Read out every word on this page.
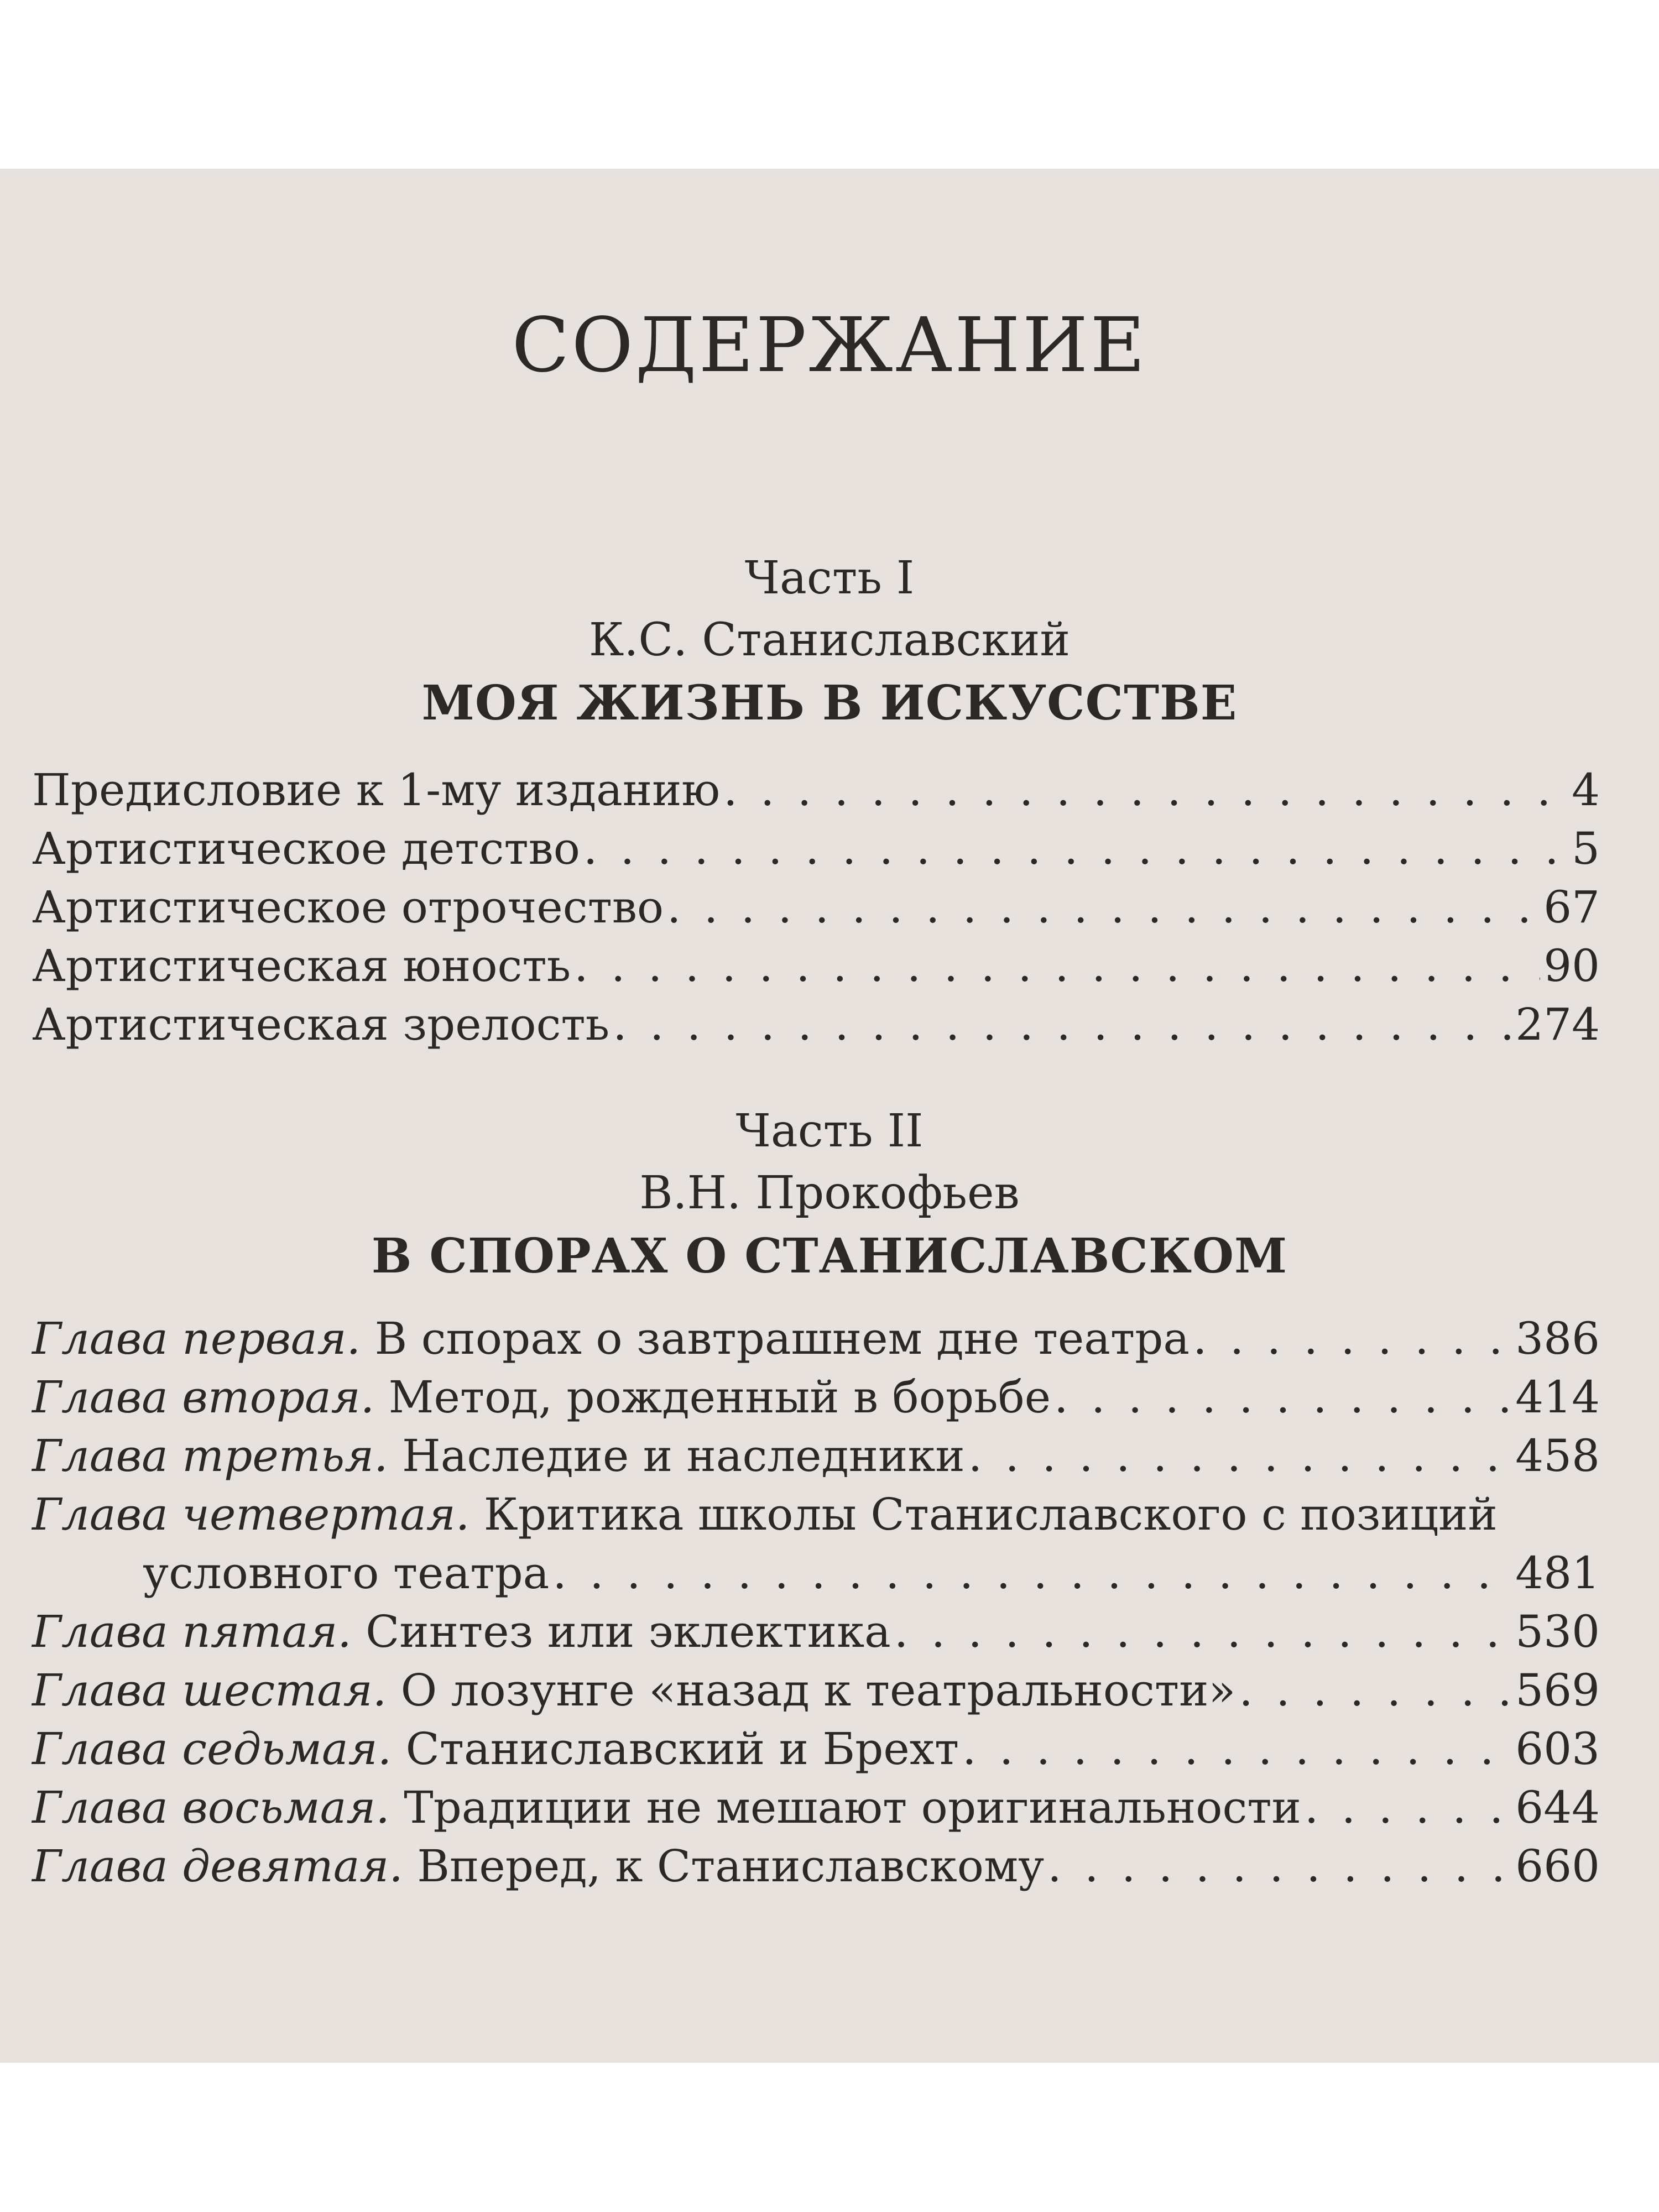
СОДЕРЖАНИЕ
Часть I
К.С. Станиславский
МОЯ ЖИЗНЬ В ИСКУССТВЕ
Предисловие к 1-му изданию . . .	4
Артистическое детство . . .	5
Артистическое отрочество . . .	67
Артистическая юность . . .	90
Артистическая зрелость . . .	274
Часть II
В.Н. Прокофьев
В СПОРАХ О СТАНИСЛАВСКОМ
Глава первая. В спорах о завтрашнем дне театра . . .	386
Глава вторая. Метод, рожденный в борьбе . . .	414
Глава третья. Наследие и наследники . . .	458
Глава четвертая. Критика школы Станиславского с позиций
условного театра . . .	481
Глава пятая. Синтез или эклектика . . .	530
Глава шестая. О лозунге «назад к театральности» . . .	569
Глава седьмая. Станиславский и Брехт . . .	603
Глава восьмая. Традиции не мешают оригинальности . . .	644
Глава девятая. Вперед, к Станиславскому . . .	660
